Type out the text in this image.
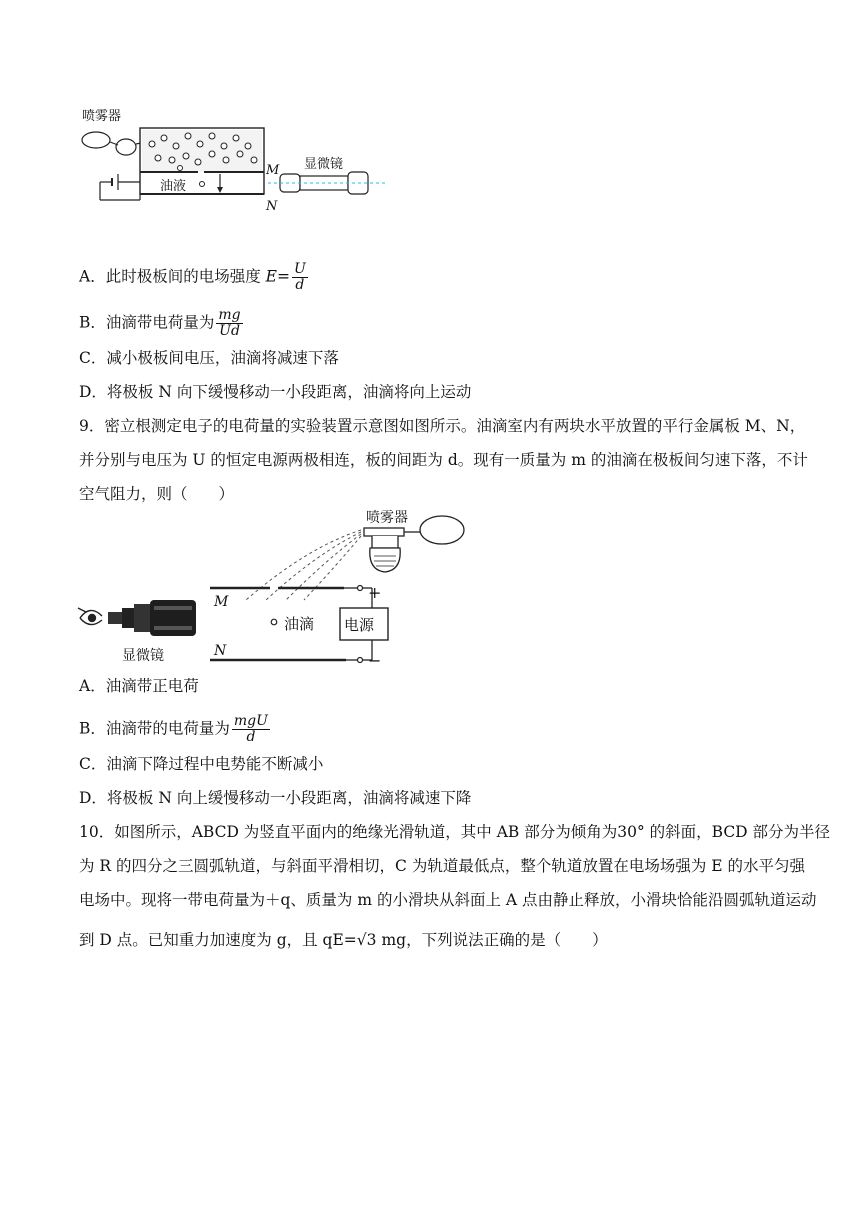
喷雾器
油液
M
N
显微镜
A．此时极板间的电场强度 $E= \frac{U}{d}$
B．油滴带电荷量为 $\frac{mg}{Ud}$
C．减小极板间电压，油滴将减速下落
D．将极板 N 向下缓慢移动一小段距离，油滴将向上运动
9．密立根测定电子的电荷量的实验装置示意图如图所示。油滴室内有两块水平放置的平行金属板 M、N，
并分别与电压为 U 的恒定电源两极相连，板的间距为 d。现有一质量为 m 的油滴在极板间匀速下落，不计
空气阻力，则（　　）
喷雾器
M
N
油滴 电源
+
−
显微镜
A．油滴带正电荷
B．油滴带的电荷量为 $\frac{\text{mgU}}{d}$
C．油滴下降过程中电势能不断减小
D．将极板 N 向上缓慢移动一小段距离，油滴将减速下降
10．如图所示，ABCD 为竖直平面内的绝缘光滑轨道，其中 AB 部分为倾角为30° 的斜面，BCD 部分为半径
为 R 的四分之三圆弧轨道，与斜面平滑相切，C 为轨道最低点，整个轨道放置在电场场强为 E 的水平匀强
电场中。现将一带电荷量为＋q、质量为 m 的小滑块从斜面上 A 点由静止释放，小滑块恰能沿圆弧轨道运动
到 D 点。已知重力加速度为 g，且 qE=√3 mg，下列说法正确的是（　　）
